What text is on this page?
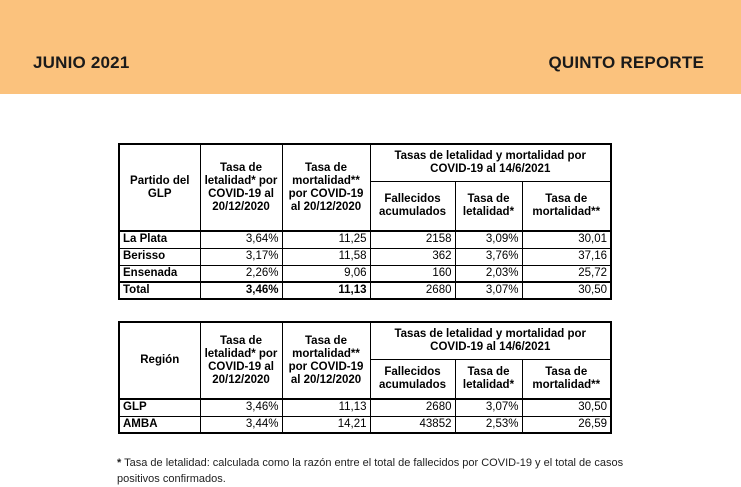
JUNIO 2021	QUINTO REPORTE
Partido del GLP	Tasa de letalidad* por COVID-19 al 20/12/2020	Tasa de mortalidad** por COVID-19 al 20/12/2020	Tasas de letalidad y mortalidad por COVID-19 al 14/6/2021		
			Fallecidos acumulados	Tasa de letalidad*	Tasa de mortalidad**
La Plata	3,64%	11,25	2158	3,09%	30,01
Berisso	3,17%	11,58	362	3,76%	37,16
Ensenada	2,26%	9,06	160	2,03%	25,72
Total	3,46%	11,13	2680	3,07%	30,50
Región	Tasa de letalidad* por COVID-19 al 20/12/2020	Tasa de mortalidad** por COVID-19 al 20/12/2020	Tasas de letalidad y mortalidad por COVID-19 al 14/6/2021		
			Fallecidos acumulados	Tasa de letalidad*	Tasa de mortalidad**
GLP	3,46%	11,13	2680	3,07%	30,50
AMBA	3,44%	14,21	43852	2,53%	26,59
* Tasa de letalidad: calculada como la razón entre el total de fallecidos por COVID-19 y el total de casos positivos confirmados.
